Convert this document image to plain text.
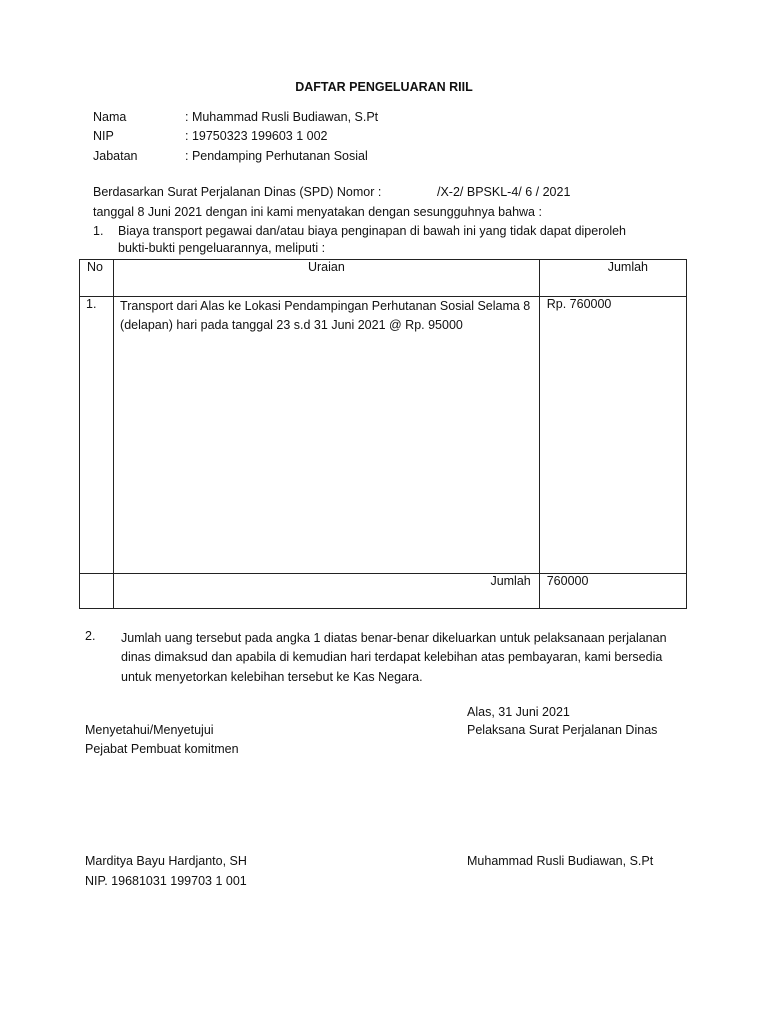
DAFTAR PENGELUARAN RIIL
Nama	: Muhammad Rusli Budiawan, S.Pt
NIP	: 19750323 199603 1 002
Jabatan	: Pendamping Perhutanan Sosial
Berdasarkan Surat Perjalanan Dinas (SPD) Nomor :	/X-2/ BPSKL-4/ 6 / 2021
tanggal 8 Juni 2021 dengan ini kami menyatakan dengan sesungguhnya bahwa :
1. Biaya transport pegawai dan/atau biaya penginapan di bawah ini yang tidak dapat diperoleh
bukti-bukti pengeluarannya, meliputi :
No	Uraian	Jumlah
1.	Transport dari Alas ke Lokasi Pendampingan Perhutanan Sosial Selama 8 (delapan) hari pada tanggal 23 s.d 31 Juni 2021 @ Rp. 95000	Rp. 760000
	Jumlah	760000
2. Jumlah uang tersebut pada angka 1 diatas benar-benar dikeluarkan untuk pelaksanaan perjalanan dinas dimaksud dan apabila di kemudian hari terdapat kelebihan atas pembayaran, kami bersedia untuk menyetorkan kelebihan tersebut ke Kas Negara.
Alas, 31 Juni 2021
Menyetahui/Menyetujui	Pelaksana Surat Perjalanan Dinas
Pejabat Pembuat komitmen
Marditya Bayu Hardjanto, SH	Muhammad Rusli Budiawan, S.Pt
NIP. 19681031 199703 1 001
